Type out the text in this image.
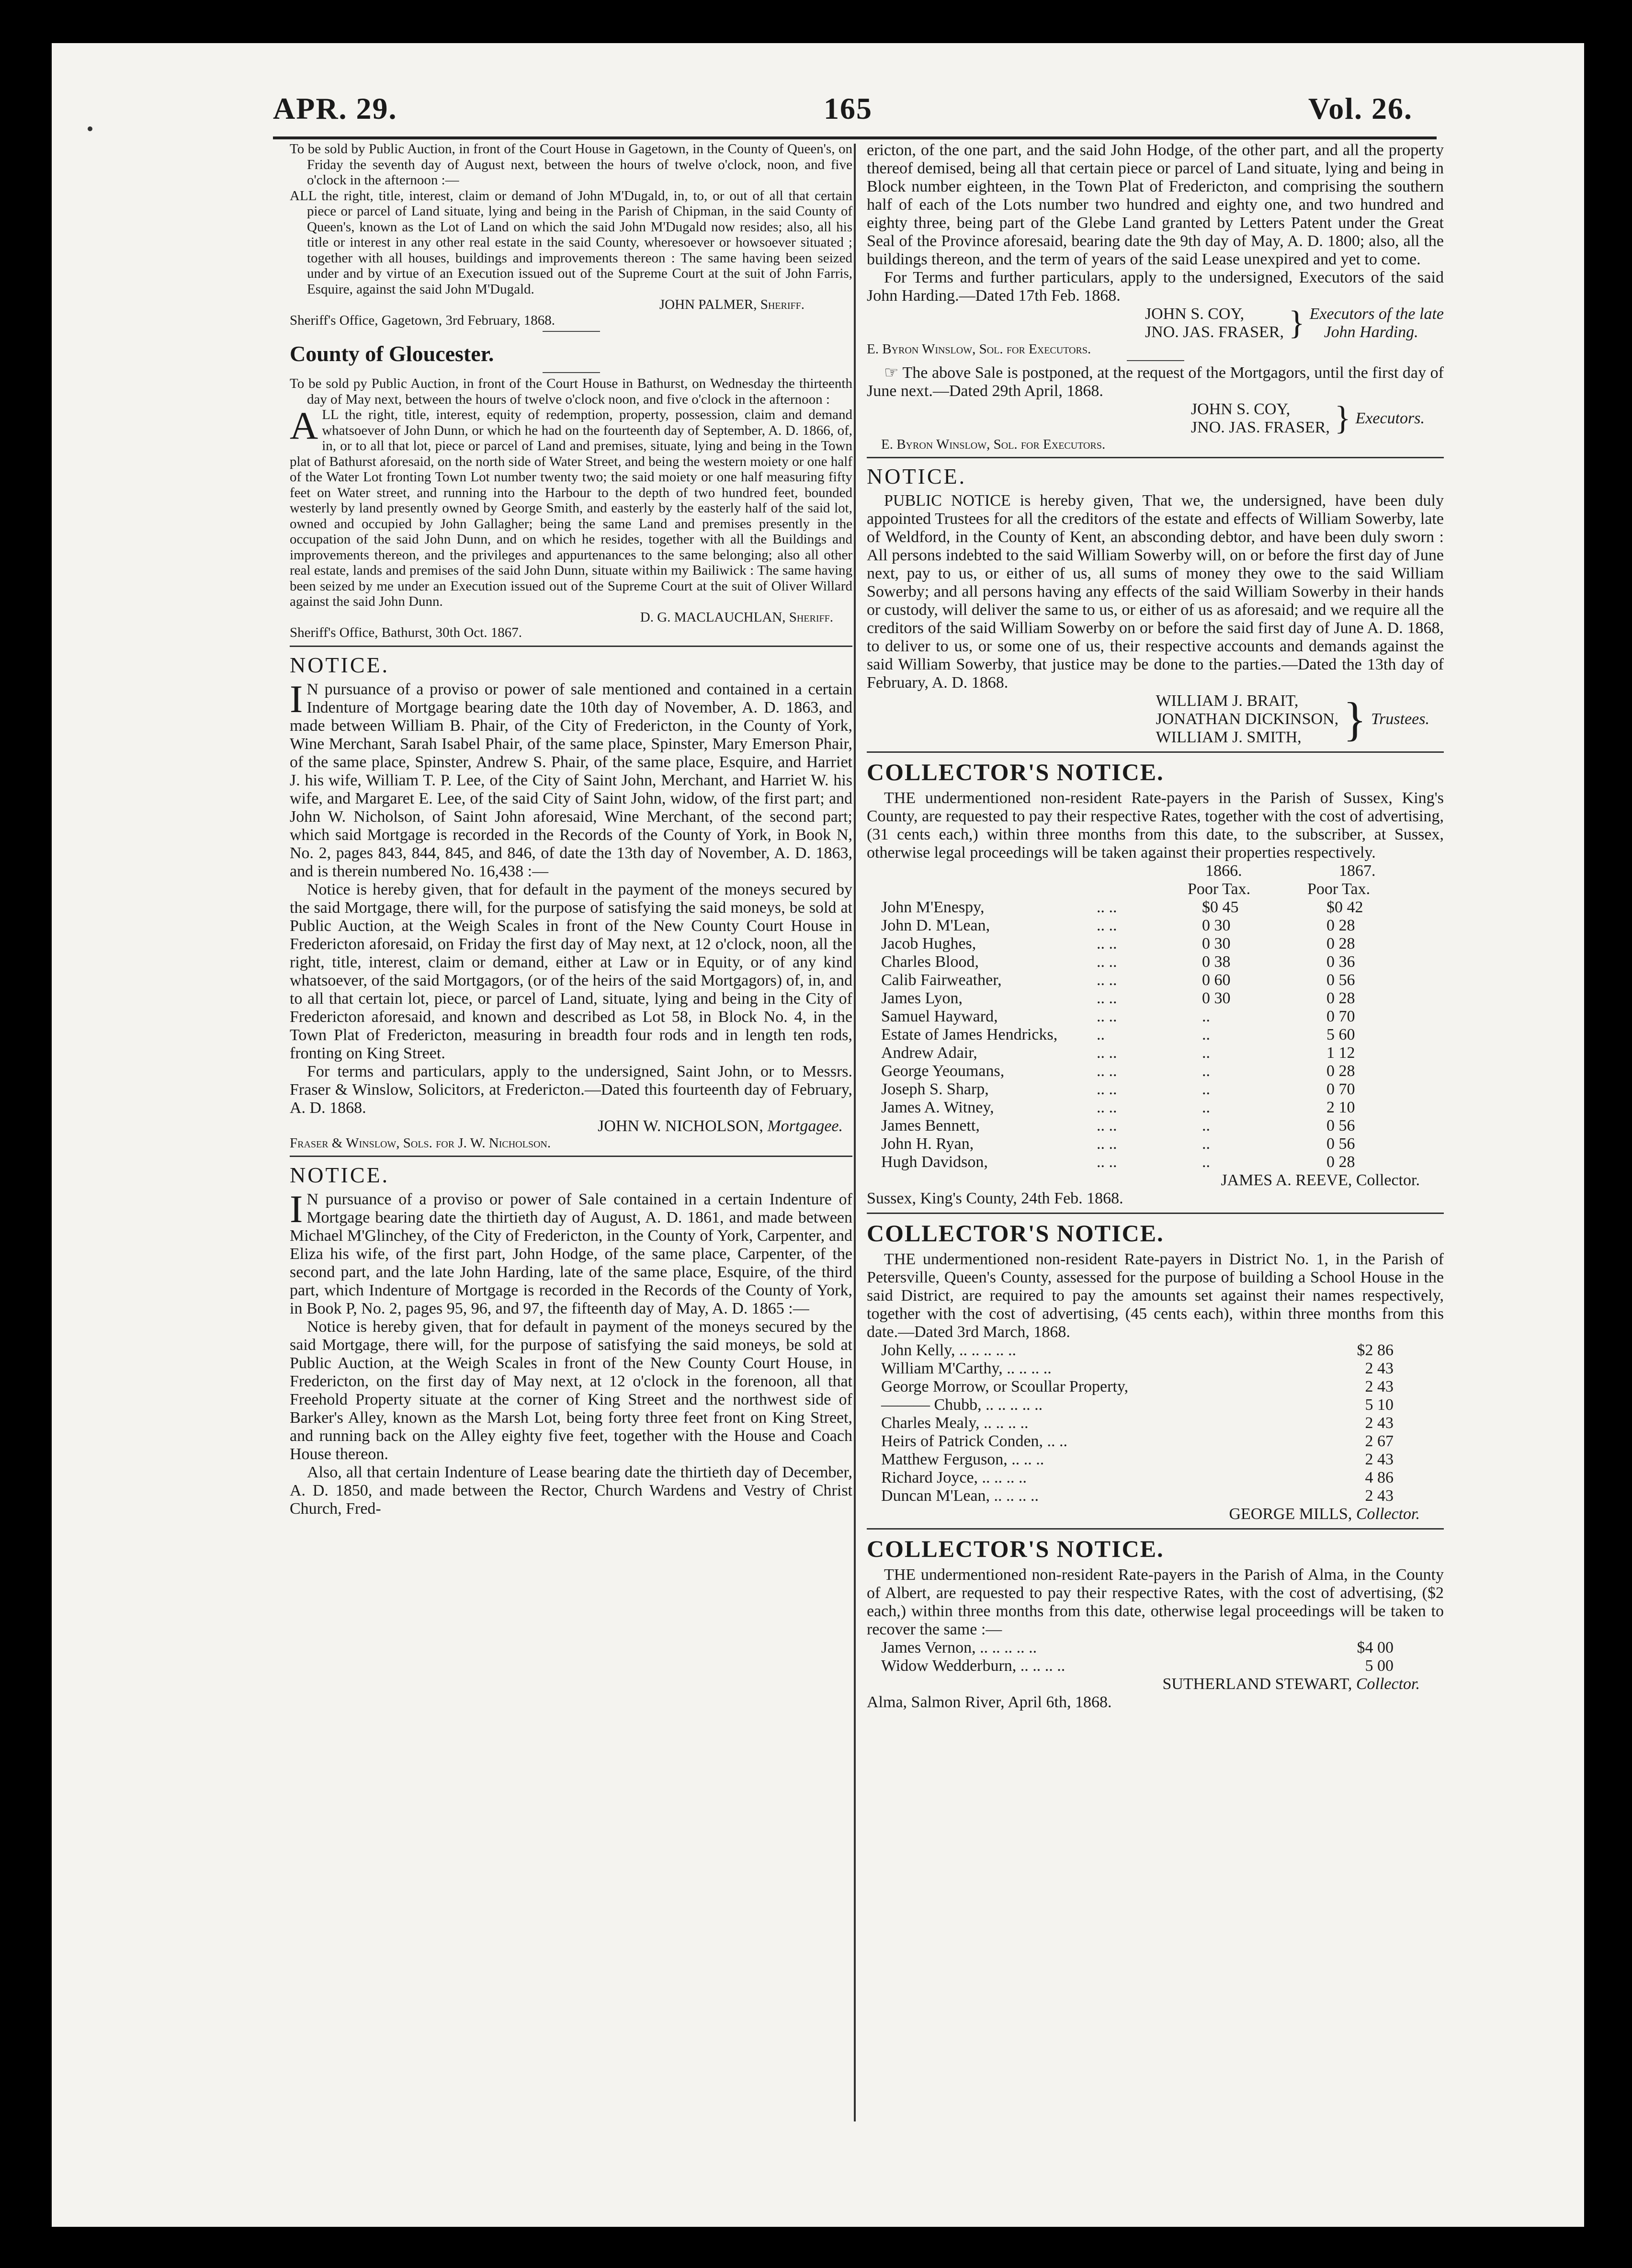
APR. 29.	165	Vol. 26.

To be sold by Public Auction, in front of the Court House in Gagetown, in the County of Queen's, on Friday the seventh day of August next, between the hours of twelve o'clock, noon, and five o'clock in the afternoon :—

ALL the right, title, interest, claim or demand of John M'Dugald, in, to, or out of all that certain piece or parcel of Land situate, lying and being in the Parish of Chipman, in the said County of Queen's, known as the Lot of Land on which the said John M'Dugald now resides; also, all his title or interest in any other real estate in the said County, wheresoever or howsoever situated ; together with all houses, buildings and improvements thereon : The same having been seized under and by virtue of an Execution issued out of the Supreme Court at the suit of John Farris, Esquire, against the said John M'Dugald.

JOHN PALMER, Sheriff.

Sheriff's Office, Gagetown, 3rd February, 1868.

County of Gloucester.

To be sold py Public Auction, in front of the Court House in Bathurst, on Wednesday the thirteenth day of May next, between the hours of twelve o'clock noon, and five o'clock in the afternoon :

ALL the right, title, interest, equity of redemption, property, possession, claim and demand whatsoever of John Dunn, or which he had on the fourteenth day of September, A. D. 1866, of, in, or to all that lot, piece or parcel of Land and premises, situate, lying and being in the Town plat of Bathurst aforesaid, on the north side of Water Street, and being the western moiety or one half of the Water Lot fronting Town Lot number twenty two; the said moiety or one half measuring fifty feet on Water street, and running into the Harbour to the depth of two hundred feet, bounded westerly by land presently owned by George Smith, and easterly by the easterly half of the said lot, owned and occupied by John Gallagher; being the same Land and premises presently in the occupation of the said John Dunn, and on which he resides, together with all the Buildings and improvements thereon, and the privileges and appurtenances to the same belonging; also all other real estate, lands and premises of the said John Dunn, situate within my Bailiwick : The same having been seized by me under an Execution issued out of the Supreme Court at the suit of Oliver Willard against the said John Dunn.

D. G. MACLAUCHLAN, Sheriff.

Sheriff's Office, Bathurst, 30th Oct. 1867.

NOTICE.

I N pursuance of a proviso or power of sale mentioned and contained in a certain Indenture of Mortgage bearing date the 10th day of November, A. D. 1863, and made between William B. Phair, of the City of Fredericton, in the County of York, Wine Merchant, Sarah Isabel Phair, of the same place, Spinster, Mary Emerson Phair, of the same place, Spinster, Andrew S. Phair, of the same place, Esquire, and Harriet J. his wife, William T. P. Lee, of the City of Saint John, Merchant, and Harriet W. his wife, and Margaret E. Lee, of the said City of Saint John, widow, of the first part; and John W. Nicholson, of Saint John aforesaid, Wine Merchant, of the second part; which said Mortgage is recorded in the Records of the County of York, in Book N, No. 2, pages 843, 844, 845, and 846, of date the 13th day of November, A. D. 1863, and is therein numbered No. 16,438 :—

Notice is hereby given, that for default in the payment of the moneys secured by the said Mortgage, there will, for the purpose of satisfying the said moneys, be sold at Public Auction, at the Weigh Scales in front of the New County Court House in Fredericton aforesaid, on Friday the first day of May next, at 12 o'clock, noon, all the right, title, interest, claim or demand, either at Law or in Equity, or of any kind whatsoever, of the said Mortgagors, (or of the heirs of the said Mortgagors) of, in, and to all that certain lot, piece, or parcel of Land, situate, lying and being in the City of Fredericton aforesaid, and known and described as Lot 58, in Block No. 4, in the Town Plat of Fredericton, measuring in breadth four rods and in length ten rods, fronting on King Street.

For terms and particulars, apply to the undersigned, Saint John, or to Messrs. Fraser & Winslow, Solicitors, at Fredericton.—Dated this fourteenth day of February, A. D. 1868.

JOHN W. NICHOLSON, Mortgagee.

Fraser & Winslow, Sols. for J. W. Nicholson.

NOTICE.

I N pursuance of a proviso or power of Sale contained in a certain Indenture of Mortgage bearing date the thirtieth day of August, A. D. 1861, and made between Michael M'Glinchey, of the City of Fredericton, in the County of York, Carpenter, and Eliza his wife, of the first part, John Hodge, of the same place, Carpenter, of the second part, and the late John Harding, late of the same place, Esquire, of the third part, which Indenture of Mortgage is recorded in the Records of the County of York, in Book P, No. 2, pages 95, 96, and 97, the fifteenth day of May, A. D. 1865 :—

Notice is hereby given, that for default in payment of the moneys secured by the said Mortgage, there will, for the purpose of satisfying the said moneys, be sold at Public Auction, at the Weigh Scales in front of the New County Court House, in Fredericton, on the first day of May next, at 12 o'clock in the forenoon, all that Freehold Property situate at the corner of King Street and the northwest side of Barker's Alley, known as the Marsh Lot, being forty three feet front on King Street, and running back on the Alley eighty five feet, together with the House and Coach House thereon.

Also, all that certain Indenture of Lease bearing date the thirtieth day of December, A. D. 1850, and made between the Rector, Church Wardens and Vestry of Christ Church, Fred-

ericton, of the one part, and the said John Hodge, of the other part, and all the property thereof demised, being all that certain piece or parcel of Land situate, lying and being in Block number eighteen, in the Town Plat of Fredericton, and comprising the southern half of each of the Lots number two hundred and eighty one, and two hundred and eighty three, being part of the Glebe Land granted by Letters Patent under the Great Seal of the Province aforesaid, bearing date the 9th day of May, A. D. 1800; also, all the buildings thereon, and the term of years of the said Lease unexpired and yet to come.

For Terms and further particulars, apply to the undersigned, Executors of the said John Harding.—Dated 17th Feb. 1868.

JOHN S. COY,

JNO. JAS. FRASER, } Executors of the late

John Harding.

E. Byron Winslow, Sol. for Executors.

☞ The above Sale is postponed, at the request of the Mortgagors, until the first day of June next.—Dated 29th April, 1868.

JOHN S. COY,

JNO. JAS. FRASER, } Executors.

E. Byron Winslow, Sol. for Executors.

NOTICE.

PUBLIC NOTICE is hereby given, That we, the undersigned, have been duly appointed Trustees for all the creditors of the estate and effects of William Sowerby, late of Weldford, in the County of Kent, an absconding debtor, and have been duly sworn : All persons indebted to the said William Sowerby will, on or before the first day of June next, pay to us, or either of us, all sums of money they owe to the said William Sowerby; and all persons having any effects of the said William Sowerby in their hands or custody, will deliver the same to us, or either of us as aforesaid; and we require all the creditors of the said William Sowerby on or before the said first day of June A. D. 1868, to deliver to us, or some one of us, their respective accounts and demands against the said William Sowerby, that justice may be done to the parties.—Dated the 13th day of February, A. D. 1868.

WILLIAM J. BRAIT,

JONATHAN DICKINSON,

WILLIAM J. SMITH, } Trustees.

COLLECTOR'S NOTICE.

THE undermentioned non-resident Rate-payers in the Parish of Sussex, King's County, are requested to pay their respective Rates, together with the cost of advertising, (31 cents each,) within three months from this date, to the subscriber, at Sussex, otherwise legal proceedings will be taken against their properties respectively.

1866.	1867.
Poor Tax.	Poor Tax.
John M'Enespy,	.. ..	$0 45	$0 42
John D. M'Lean,	.. ..	0 30	0 28
Jacob Hughes,	.. ..	0 30	0 28
Charles Blood,	.. ..	0 38	0 36
Calib Fairweather,	.. ..	0 60	0 56
James Lyon,	.. ..	0 30	0 28
Samuel Hayward,	.. ..	..	0 70
Estate of James Hendricks,	..	..	5 60
Andrew Adair,	.. ..	..	1 12
George Yeoumans,	.. ..	..	0 28
Joseph S. Sharp,	.. ..	..	0 70
James A. Witney,	.. ..	..	2 10
James Bennett,	.. ..	..	0 56
John H. Ryan,	.. ..	..	0 56
Hugh Davidson,	.. ..	..	0 28

JAMES A. REEVE, Collector.

Sussex, King's County, 24th Feb. 1868.

COLLECTOR'S NOTICE.

THE undermentioned non-resident Rate-payers in District No. 1, in the Parish of Petersville, Queen's County, assessed for the purpose of building a School House in the said District, are required to pay the amounts set against their names respectively, together with the cost of advertising, (45 cents each), within three months from this date.—Dated 3rd March, 1868.

John Kelly, .. .. .. .. ..	$2 86
William M'Carthy, .. .. .. ..	2 43
George Morrow, or Scoullar Property,	2 43
——— Chubb, .. .. .. .. ..	5 10
Charles Mealy, .. .. .. ..	2 43
Heirs of Patrick Conden, .. ..	2 67
Matthew Ferguson, .. .. ..	2 43
Richard Joyce, .. .. .. ..	4 86
Duncan M'Lean, .. .. .. ..	2 43

GEORGE MILLS, Collector.

COLLECTOR'S NOTICE.

THE undermentioned non-resident Rate-payers in the Parish of Alma, in the County of Albert, are requested to pay their respective Rates, with the cost of advertising, ($2 each,) within three months from this date, otherwise legal proceedings will be taken to recover the same :—

James Vernon, .. .. .. .. ..	$4 00
Widow Wedderburn, .. .. .. ..	5 00

SUTHERLAND STEWART, Collector.

Alma, Salmon River, April 6th, 1868.
